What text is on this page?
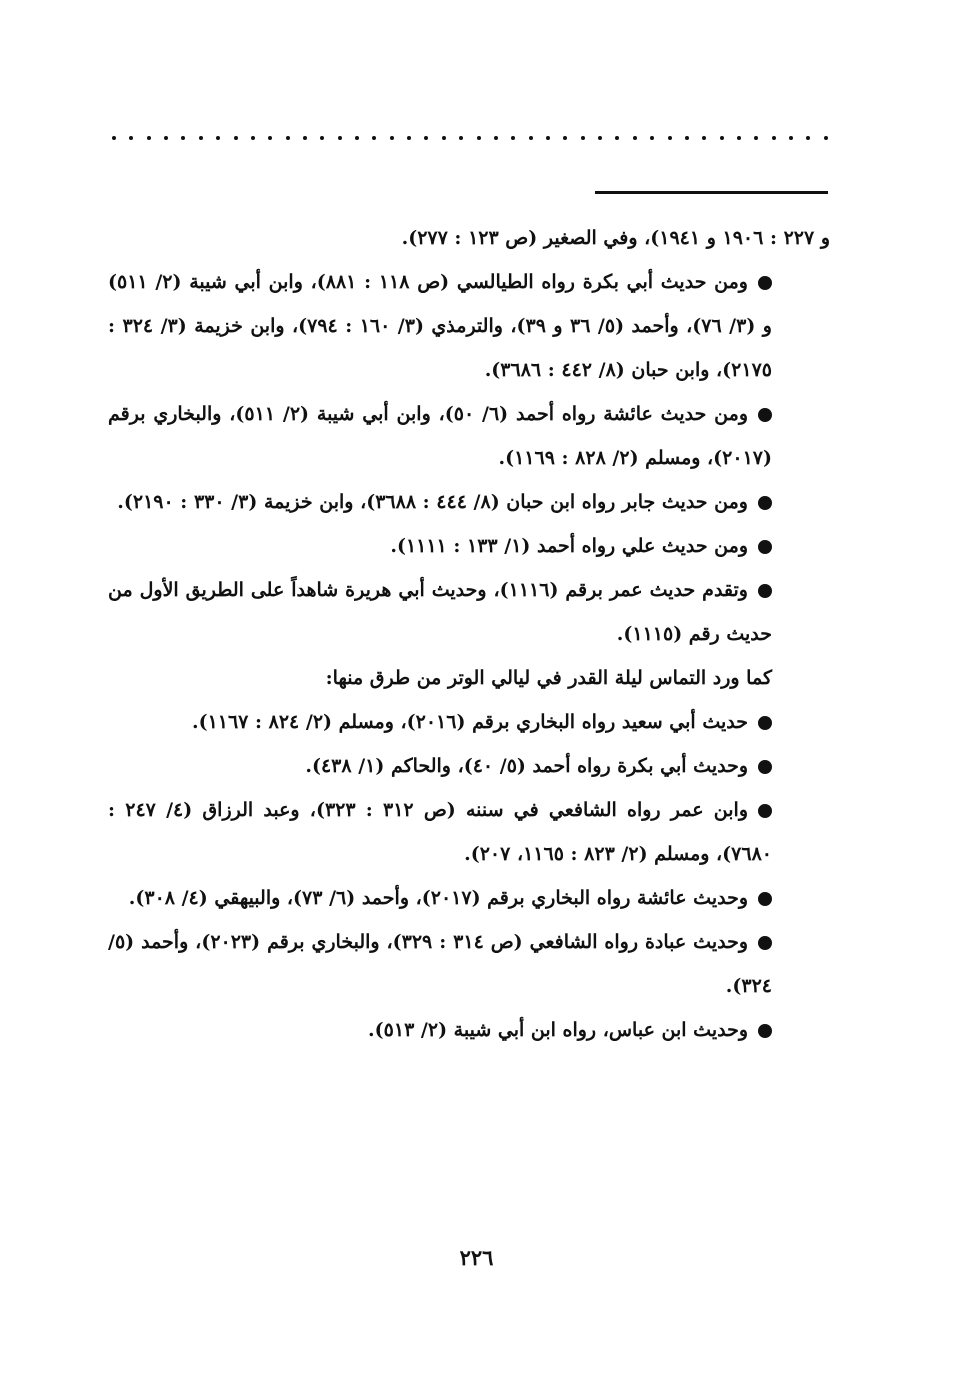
و ٢٢٧ : ١٩٠٦ و ١٩٤١)، وفي الصغير (ص ١٢٣ : ٢٧٧).

ومن حديث أبي بكرة رواه الطيالسي (ص ١١٨ : ٨٨١)، وابن أبي شيبة (٢/ ٥١١) و (٣/ ٧٦)، وأحمد (٥/ ٣٦ و ٣٩)، والترمذي (٣/ ١٦٠ : ٧٩٤)، وابن خزيمة (٣/ ٣٢٤ : ٢١٧٥)، وابن حبان (٨/ ٤٤٢ : ٣٦٨٦).

ومن حديث عائشة رواه أحمد (٦/ ٥٠)، وابن أبي شيبة (٢/ ٥١١)، والبخاري برقم (٢٠١٧)، ومسلم (٢/ ٨٢٨ : ١١٦٩).

ومن حديث جابر رواه ابن حبان (٨/ ٤٤٤ : ٣٦٨٨)، وابن خزيمة (٣/ ٣٣٠ : ٢١٩٠).

ومن حديث علي رواه أحمد (١/ ١٣٣ : ١١١١).

وتقدم حديث عمر برقم (١١١٦)، وحديث أبي هريرة شاهداً على الطريق الأول من حديث رقم (١١١٥).

كما ورد التماس ليلة القدر في ليالي الوتر من طرق منها:

حديث أبي سعيد رواه البخاري برقم (٢٠١٦)، ومسلم (٢/ ٨٢٤ : ١١٦٧).

وحديث أبي بكرة رواه أحمد (٥/ ٤٠)، والحاكم (١/ ٤٣٨).

وابن عمر رواه الشافعي في سننه (ص ٣١٢ : ٣٢٣)، وعبد الرزاق (٤/ ٢٤٧ : ٧٦٨٠)، ومسلم (٢/ ٨٢٣ : ١١٦٥، ٢٠٧).

وحديث عائشة رواه البخاري برقم (٢٠١٧)، وأحمد (٦/ ٧٣)، والبيهقي (٤/ ٣٠٨).

وحديث عبادة رواه الشافعي (ص ٣١٤ : ٣٢٩)، والبخاري برقم (٢٠٢٣)، وأحمد (٥/ ٣٢٤).

وحديث ابن عباس، رواه ابن أبي شيبة (٢/ ٥١٣).

٢٢٦
